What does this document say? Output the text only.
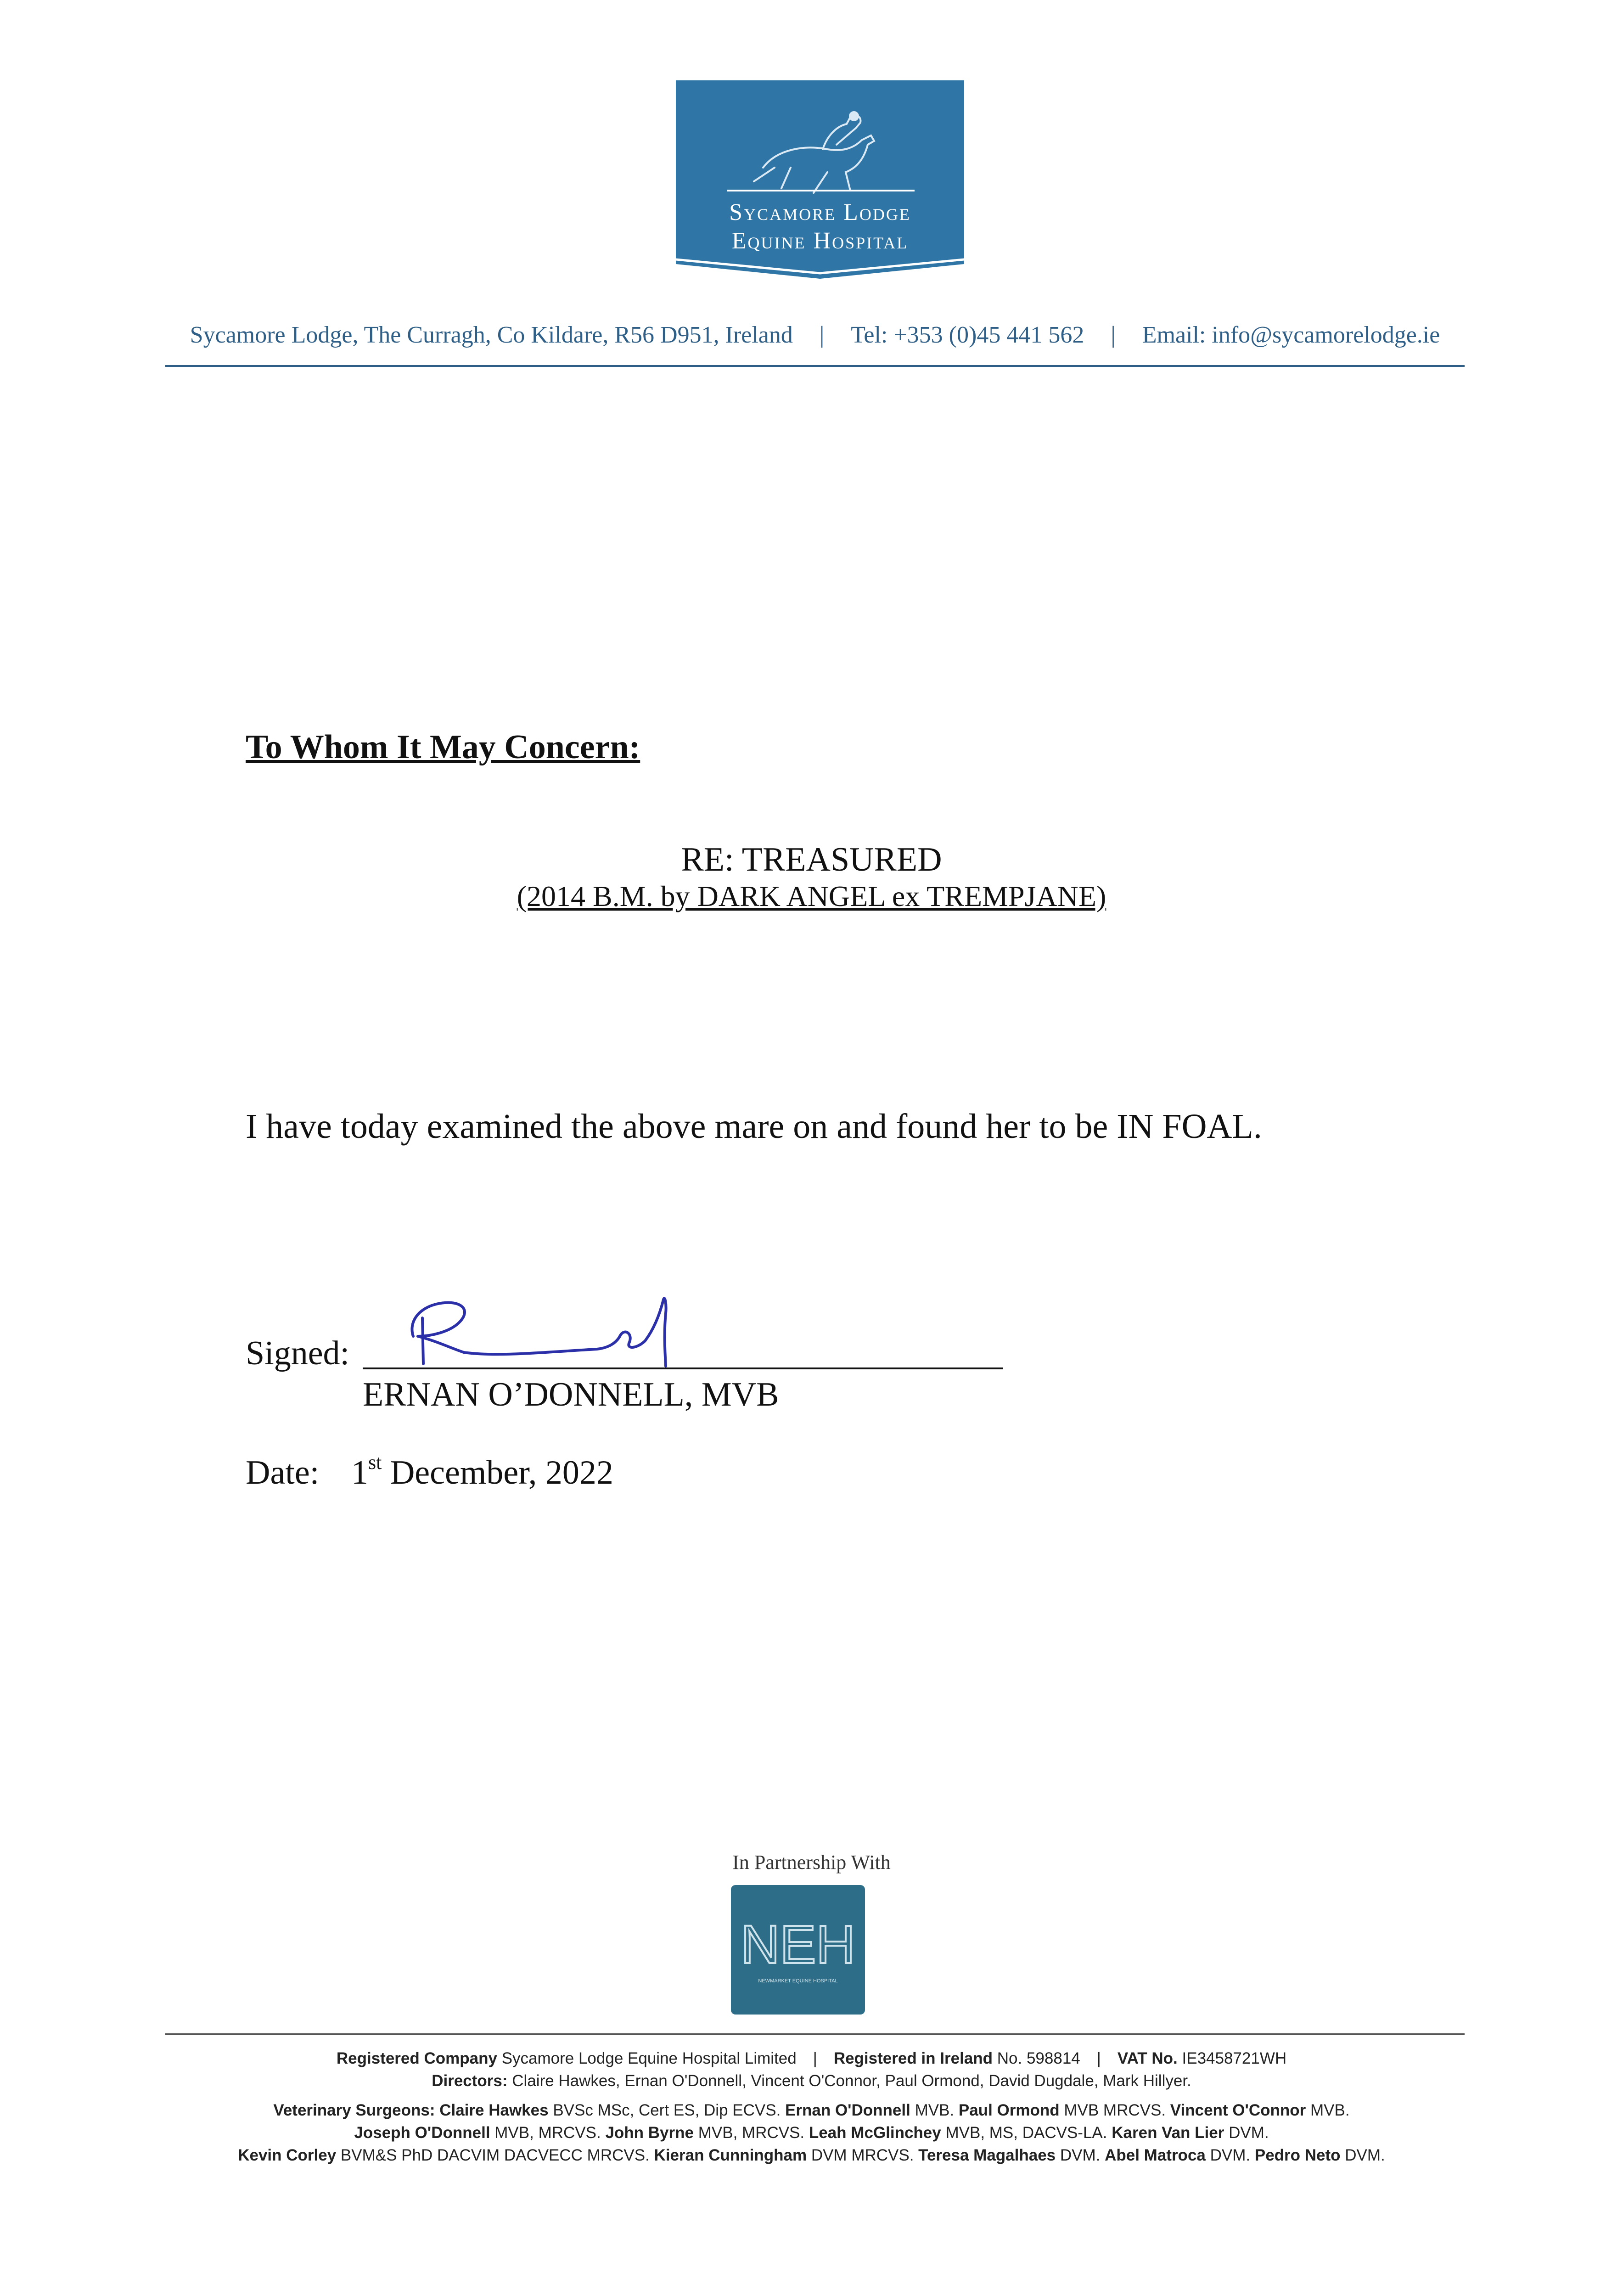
Sycamore Lodge
Equine Hospital
Sycamore Lodge, The Curragh, Co Kildare, R56 D951, Ireland | Tel: +353 (0)45 441 562 | Email: info@sycamorelodge.ie
To Whom It May Concern:
RE: TREASURED
(2014 B.M. by DARK ANGEL ex TREMPJANE)
I have today examined the above mare on and found her to be IN FOAL.
Signed:
ERNAN O’DONNELL, MVB
Date: 1st December, 2022
In Partnership With
NEH
NEWMARKET EQUINE HOSPITAL
Registered Company Sycamore Lodge Equine Hospital Limited | Registered in Ireland No. 598814 | VAT No. IE3458721WH
Directors: Claire Hawkes, Ernan O'Donnell, Vincent O'Connor, Paul Ormond, David Dugdale, Mark Hillyer.
Veterinary Surgeons: Claire Hawkes BVSc MSc, Cert ES, Dip ECVS. Ernan O'Donnell MVB. Paul Ormond MVB MRCVS. Vincent O'Connor MVB.
Joseph O'Donnell MVB, MRCVS. John Byrne MVB, MRCVS. Leah McGlinchey MVB, MS, DACVS-LA. Karen Van Lier DVM.
Kevin Corley BVM&S PhD DACVIM DACVECC MRCVS. Kieran Cunningham DVM MRCVS. Teresa Magalhaes DVM. Abel Matroca DVM. Pedro Neto DVM.
